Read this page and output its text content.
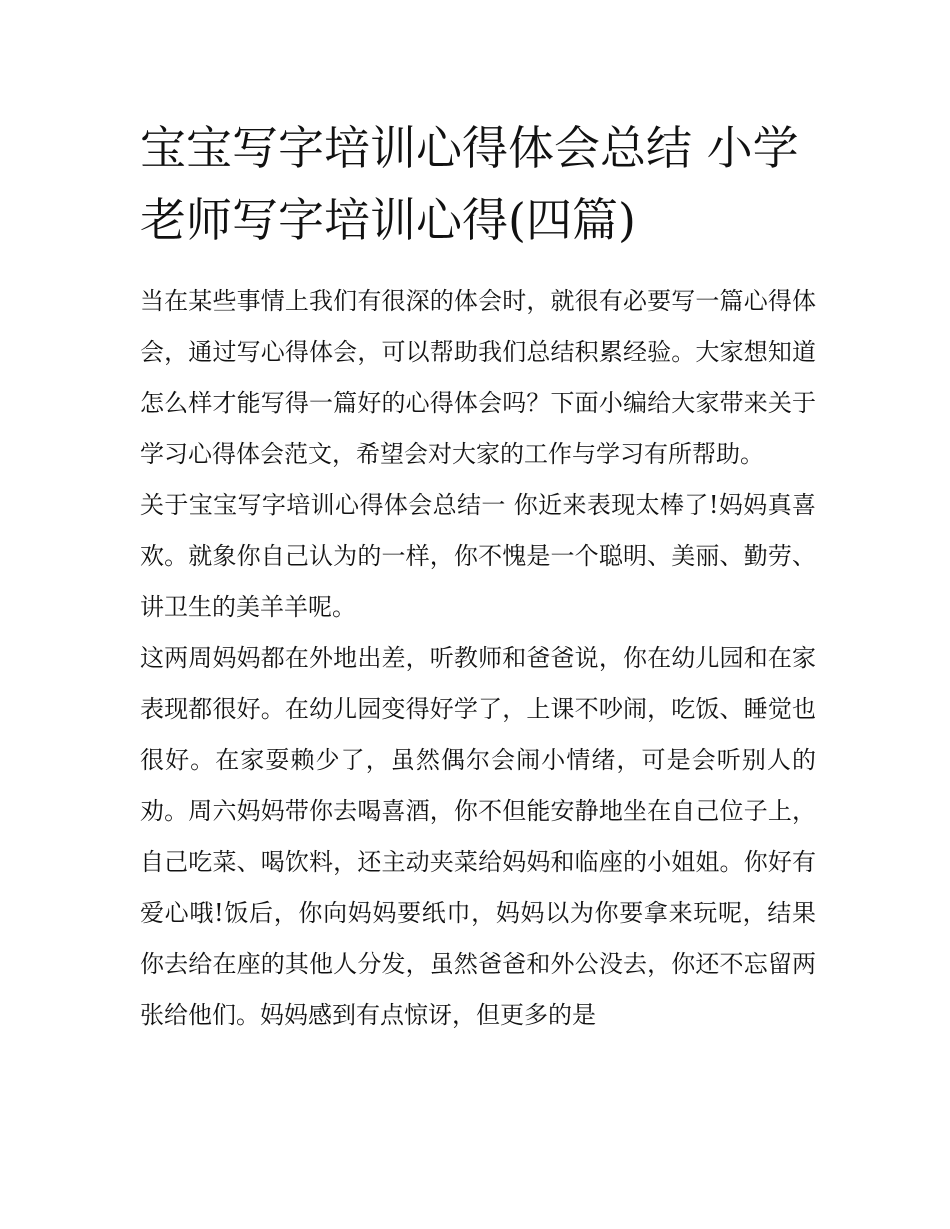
宝宝写字培训心得体会总结 小学老师写字培训心得(四篇)

当在某些事情上我们有很深的体会时，就很有必要写一篇心得体会，通过写心得体会，可以帮助我们总结积累经验。大家想知道怎么样才能写得一篇好的心得体会吗？下面小编给大家带来关于学习心得体会范文，希望会对大家的工作与学习有所帮助。

关于宝宝写字培训心得体会总结一 你近来表现太棒了!妈妈真喜欢。就象你自己认为的一样，你不愧是一个聪明、美丽、勤劳、讲卫生的美羊羊呢。

这两周妈妈都在外地出差，听教师和爸爸说，你在幼儿园和在家表现都很好。在幼儿园变得好学了，上课不吵闹，吃饭、睡觉也很好。在家耍赖少了，虽然偶尔会闹小情绪，可是会听别人的劝。周六妈妈带你去喝喜酒，你不但能安静地坐在自己位子上，自己吃菜、喝饮料，还主动夹菜给妈妈和临座的小姐姐。你好有爱心哦!饭后，你向妈妈要纸巾，妈妈以为你要拿来玩呢，结果你去给在座的其他人分发，虽然爸爸和外公没去，你还不忘留两张给他们。妈妈感到有点惊讶，但更多的是
